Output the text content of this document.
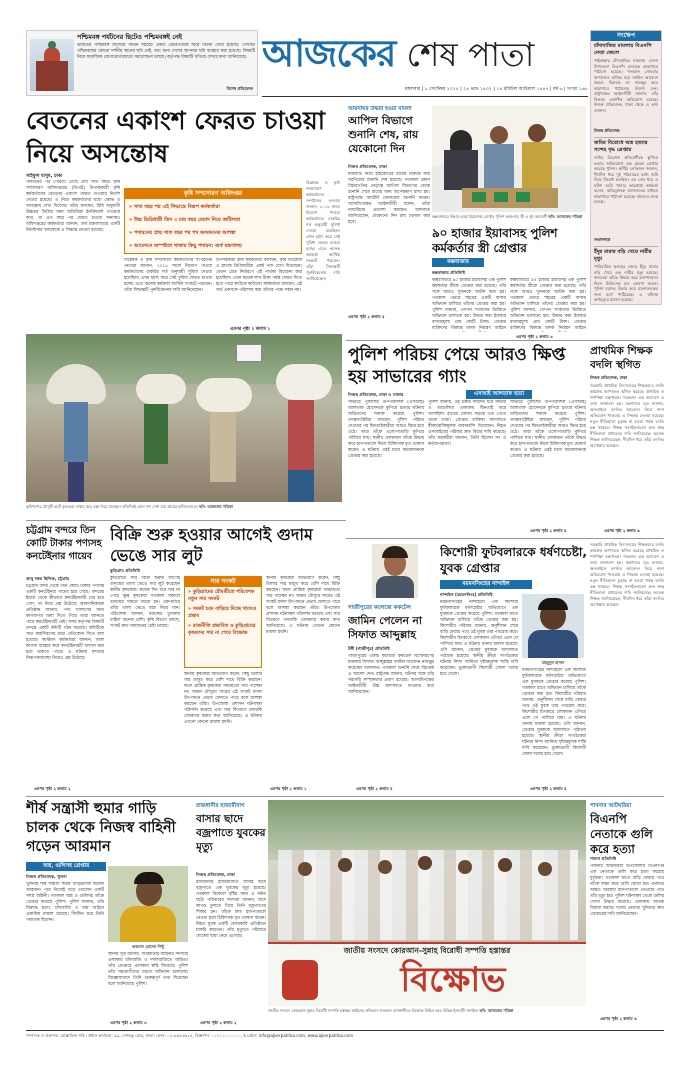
পশ্চিমবঙ্গ পর্যটনের ছিটেও পশ্চিমবঙ্গই নেই
ভারতের পশ্চিমবঙ্গ রাজ্যের পর্যটন শহরের একটি প্রচারপত্রকে ঘিরে বিতর্ক তৈরি হয়েছে। সেখানে পশ্চিমবঙ্গের কোনো দর্শনীয় স্থানের ছবি নেই, বরং অন্য দেশের স্থাপনার ছবি ব্যবহার করা হয়েছে। বিষয়টি নিয়ে সামাজিক যোগাযোগমাধ্যমে সমালোচনা চলছে। কর্তৃপক্ষ বিষয়টি খতিয়ে দেখার কথা জানিয়েছে।
বিশেষ প্রতিবেদন
আজকের শেষ পাতা
মঙ্গলবার | ৮ সেপ্টেম্বর ২০২৫ | ২৪ ভাদ্র ১৪৩২ | ১৪ রবিউল আউয়াল ১৪৪৭ | বর্ষ ৬ | সংখ্যা ১৬৮
সংক্ষেপ
চাঁদাবাজির মামলায় বিএনপি নেতা জেলে
গাইবান্ধার চাঁদাবাজির মামলায় জেলা উপজেলা বিএনপি নেতাকে কারাগারে পাঠানো হয়েছে। গতকাল সোমবার আদালতে হাজির হয়ে জামিন আবেদন করলে বিচারক তা নামঞ্জুর করে কারাগারে পাঠানোর নির্দেশ দেন। রাষ্ট্রপক্ষের আইনজীবী জানান, তাঁর বিরুদ্ধে একাধিক অভিযোগ রয়েছে। নিজস্ব প্রতিবেদক, ঢাকা থেকে এ তথ্য জানান।
নিজস্ব প্রতিবেদক
জমির বিরোধে অস্ত্র হত্যার সন্দেহ বৃদ্ধ গ্রেপ্তার
জমির বিরোধে প্রতিবেশীকে কুপিয়ে হত্যার অভিযোগে এক বৃদ্ধকে গ্রেপ্তার করেছে পুলিশ। স্থানীয় লোকজন জানান, দীর্ঘদিন ধরে দুই পরিবারের মধ্যে জমি নিয়ে বিরোধ চলছিল। এর জের ধরে এ ঘটনা ঘটে। থানার ভারপ্রাপ্ত কর্মকর্তা বলেন, অভিযুক্তকে আদালতের মাধ্যমে কারাগারে পাঠানো হয়েছে। মামলার তদন্ত চলছে।
সংবাদদাতা
ইঁদুর মারার বড়ি খেয়ে নারীর মৃত্যু
পারিবারিক কলহের জেরে ইঁদুর মারার বড়ি খেয়ে এক নারীর মৃত্যু হয়েছে। স্বজনেরা তাঁকে উদ্ধার করে হাসপাতালে নিলে চিকিৎসক মৃত ঘোষণা করেন। পুলিশ মরদেহ উদ্ধার করে ময়নাতদন্তের জন্য মর্গে পাঠিয়েছে। এ ঘটনায় অপমৃত্যুর মামলা হয়েছে।
বেতনের একাংশ ফেরত চাওয়া নিয়ে অসন্তোষ
সাইফুল মাসুম, ঢাকা
পদায়নের পর পেরিয়ে গেছে প্রায় সাত বছর। কৃষি সম্প্রসারণ অধিদপ্তরের (ডিএই) উপসহকারী কৃষি কর্মকর্তাদের বেতনের একাংশ ফেরত দেওয়ার নির্দেশ দেওয়া হয়েছে। এ নিয়ে কর্মকর্তাদের মধ্যে ক্ষোভ ও অসন্তোষ দেখা দিয়েছে। তাঁরা বলছেন, বিধি অনুযায়ী উচ্চতর ডিগ্রির জন্য অতিরিক্ত ইনক্রিমেন্ট পাওয়ার কথা, যা এত বছর পর ফেরত চাওয়া অন্যায্য। অধিদপ্তরের কর্মকর্তারা জানান, অর্থ মন্ত্রণালয়ের একটি নির্দেশনার আলোকে এ সিদ্ধান্ত নেওয়া হয়েছে।
কৃষি সম্প্রসারণ অধিদপ্তর
» সাত বছর পর এই সিদ্ধান্তে বিরূপ কর্মকর্তারা
» উচ্চ ডিগ্রিধারী তিন ৩ চার বছর মেয়াদ নিয়ে জটিলতা
» পদায়নের প্রায় সাত বছর পর পদ অবনমনের আশঙ্কা
» আবেদনে অস্পষ্টতা থাকায় কিছু পদায়ন: অর্থ মন্ত্রণালয়
বিশ্লেষক ও কৃষি সম্প্রসারণ কর্মকর্তাদের সংগঠনের নেতারা জানান, ২০১৮ সালে নিয়োগ পাওয়া কর্মকর্তাদের চাকরির শর্ত অনুযায়ী সুবিধা দেওয়া হয়েছিল। এখন হঠাৎ করে সেই সুবিধা ফেরত চাওয়া হচ্ছে। এতে অনেক কর্মকর্তা আর্থিক সংকটে পড়বেন। তাঁরা সিদ্ধান্তটি পুনর্বিবেচনার দাবি জানিয়েছেন।
উপসহকারী কৃষি কর্মকর্তারা বলছেন, কৃষি ডিপ্লোমা ও স্নাতক ডিগ্রিধারীরা একই পদে যোগ দিয়েছেন। বেতন গ্রেড নির্ধারণে এই পার্থক্য বিবেচনা করা হয়েছিল। এখন কয়েক লাখ টাকা পর্যন্ত ফেরত দিতে হতে পারে কাউকে কাউকে। কর্মকর্তারা বলছেন, এই অর্থ একসঙ্গে পরিশোধ করা তাঁদের পক্ষে সম্ভব নয়।
বিশ্লেষক ও কৃষি সম্প্রসারণ কর্মকর্তাদের সংগঠনের নেতারা জানান, ২০১৮ সালে নিয়োগ পাওয়া কর্মকর্তাদের চাকরির শর্ত অনুযায়ী সুবিধা দেওয়া হয়েছিল। এখন হঠাৎ করে সেই সুবিধা ফেরত চাওয়া হচ্ছে। এতে অনেক কর্মকর্তা আর্থিক সংকটে পড়বেন। তাঁরা সিদ্ধান্তটি পুনর্বিবেচনার দাবি জানিয়েছেন।
এরপর পৃষ্ঠা ২ কলাম ১
কৃষিপণ্যের মৌসুমী হাটে কৃষকেরা মাথায় করে বস্তা নিয়ে যাচ্ছেন। প্রতিদিনই এমন দৃশ্য দেখা যায় গ্রামের হাটগুলোতে। ছবি: আজকের পত্রিকা
আয়নাঘর উদ্ধার হওয়া মামলা
আপিল বিভাগে শুনানি শেষ, রায় যেকোনো দিন
নিজস্ব প্রতিবেদক, ঢাকা
মামলাটি নিয়ে হাইকোর্টের রায়ের বিরুদ্ধে করা আপিলের শুনানি শেষ হয়েছে। গতকাল প্রধান বিচারপতির নেতৃত্বে আপিল বিভাগের বেঞ্চে শুনানি শেষে রায়ের জন্য অপেক্ষমাণ রাখা হয়। রাষ্ট্রপক্ষে অ্যাটর্নি জেনারেল শুনানি করেন। আসামিপক্ষের আইনজীবী বলেন, তাঁরা ন্যায়বিচার প্রত্যাশা করছেন। আদালত জানিয়েছেন, যেকোনো দিন রায় ঘোষণা করা হবে।
এরপর পৃষ্ঠা ২ কলাম ৫
কক্সবাজারে উদ্ধার হওয়া ইয়াবাসহ গ্রেপ্তার পুলিশ কর্মকর্তার স্ত্রী ও দুই সহযোগী ছবি: আজকের পত্রিকা
৯০ হাজার ইয়াবাসহ পুলিশ কর্মকর্তার স্ত্রী গ্রেপ্তার
কক্সবাজার
কক্সবাজার প্রতিনিধি
কক্সবাজারে ৯০ হাজার ইয়াবাসহ এক পুলিশ কর্মকর্তার স্ত্রীকে গ্রেপ্তার করা হয়েছে। তাঁর সঙ্গে আরও দুজনকে আটক করা হয়। গতকাল ভোরে শহরের একটি বাসায় অভিযান চালিয়ে তাঁদের গ্রেপ্তার করা হয়। পুলিশ জানায়, গোপন সংবাদের ভিত্তিতে অভিযান চালানো হয়। উদ্ধার করা ইয়াবার বাজারমূল্য প্রায় কোটি টাকা। গ্রেপ্তার ব্যক্তিদের বিরুদ্ধে মাদক নিয়ন্ত্রণ আইনে
কক্সবাজারে ৯০ হাজার ইয়াবাসহ এক পুলিশ কর্মকর্তার স্ত্রীকে গ্রেপ্তার করা হয়েছে। তাঁর সঙ্গে আরও দুজনকে আটক করা হয়। গতকাল ভোরে শহরের একটি বাসায় অভিযান চালিয়ে তাঁদের গ্রেপ্তার করা হয়। পুলিশ জানায়, গোপন সংবাদের ভিত্তিতে অভিযান চালানো হয়। উদ্ধার করা ইয়াবার বাজারমূল্য প্রায় কোটি টাকা। গ্রেপ্তার ব্যক্তিদের বিরুদ্ধে মাদক নিয়ন্ত্রণ আইনে
এরপর পৃষ্ঠা ২ কলাম ৩
পুলিশ পরিচয় পেয়ে আরও ক্ষিপ্ত হয় সাভারের গ্যাং
নিজস্ব প্রতিবেদক, ঢাকা ও সাভার	এসআই আলতাফ হত্যা
সাভারে পুলিশের উপপরিদর্শক (এসআই) আলতাফ হোসেনকে কুপিয়ে হত্যার ঘটনায় জড়িতদের শনাক্ত করেছে পুলিশ। তদন্তসংশ্লিষ্টরা বলছেন, পুলিশ পরিচয় দেওয়ার পর ছিনতাইকারীরা আরও ক্ষিপ্ত হয়ে ওঠে। তারা তাঁকে এলোপাতাড়ি কুপিয়ে পালিয়ে যায়। স্থানীয় লোকজন তাঁকে উদ্ধার করে হাসপাতালে নিলে চিকিৎসক মৃত ঘোষণা করেন। এ ঘটনায় এরই মধ্যে কয়েকজনকে গ্রেপ্তার করা হয়েছে।
পুলিশ জানায়, ওই চক্রটি দীর্ঘদিন ধরে সাভার ও আশুলিয়া এলাকায় ছিনতাই করে আসছিল। রাতের বেলায় সড়কে ওত পেতে থাকে তারা। গ্রেপ্তার ব্যক্তিরা আদালতে স্বীকারোক্তিমূলক জবানবন্দি দিয়েছেন। নিহত এসআইয়ের পরিবার দ্রুত বিচার দাবি করেছে। তাঁর সহকর্মীরা জানান, তিনি ছিলেন সৎ ও কর্তব্যপরায়ণ।
সাভারে পুলিশের উপপরিদর্শক (এসআই) আলতাফ হোসেনকে কুপিয়ে হত্যার ঘটনায় জড়িতদের শনাক্ত করেছে পুলিশ। তদন্তসংশ্লিষ্টরা বলছেন, পুলিশ পরিচয় দেওয়ার পর ছিনতাইকারীরা আরও ক্ষিপ্ত হয়ে ওঠে। তারা তাঁকে এলোপাতাড়ি কুপিয়ে পালিয়ে যায়। স্থানীয় লোকজন তাঁকে উদ্ধার করে হাসপাতালে নিলে চিকিৎসক মৃত ঘোষণা করেন। এ ঘটনায় এরই মধ্যে কয়েকজনকে গ্রেপ্তার করা হয়েছে।
এরপর পৃষ্ঠা ২ কলাম ৪
প্রাথমিক শিক্ষক বদলি স্থগিত
নিজস্ব প্রতিবেদক, ঢাকা
সরকারি প্রাথমিক বিদ্যালয়ের শিক্ষকদের বদলি কার্যক্রম আপাতত স্থগিত করেছে প্রাথমিক ও গণশিক্ষা মন্ত্রণালয়। গতকাল এক আদেশে এ তথ্য জানানো হয়। মন্ত্রণালয় সূত্র জানায়, অনলাইনে বদলির আবেদন নিয়ে নানা অভিযোগ পাওয়ায় এ সিদ্ধান্ত নেওয়া হয়েছে। নতুন নীতিমালা চূড়ান্ত না হওয়া পর্যন্ত বদলি বন্ধ থাকবে। শিক্ষক সংগঠনগুলো দ্রুত স্বচ্ছ নীতিমালা প্রণয়নের দাবি জানিয়েছে। অনেক শিক্ষক জানিয়েছেন, দীর্ঘদিন ধরে তাঁরা বদলির অপেক্ষায় আছেন।
এরপর পৃষ্ঠা ২ কলাম ৬
চট্টগ্রাম বন্দরে তিন কোটি টাকার পণ্যসহ কনটেইনার গায়েব
আবু বকর ছিদ্দিক, চট্টগ্রাম
চট্টগ্রাম বন্দর থেকে তিন কোটি টাকার পণ্যসহ একটি কনটেইনার গায়েব হয়ে গেছে। বন্দরের ইয়ার্ড থেকে কীভাবে কনটেইনারটি বের হয়ে গেল, তা নিয়ে প্রশ্ন উঠেছে। আমদানিকারক প্রতিষ্ঠান জানায়, পণ্য খালাসের জন্য কাগজপত্র জমা দিতে গিয়ে তারা জানতে পারে কনটেইনারটি নেই। বন্দর কর্তৃপক্ষ বিষয়টি তদন্তে একটি কমিটি গঠন করেছে। কমিটিকে সাত কার্যদিবসের মধ্যে প্রতিবেদন দিতে বলা হয়েছে। কাস্টমস কর্মকর্তারা জানান, জাল কাগজ ব্যবহার করে কনটেইনারটি খালাস করা হয়ে থাকতে পারে। এ ঘটনায় বন্দরের নিরাপত্তাব্যবস্থা নিয়েও প্রশ্ন উঠেছে।
এরপর পৃষ্ঠা ২ কলাম ২
বিক্রি শুরু হওয়ার আগেই গুদাম ভেঙে সার লুট
কুড়িগ্রাম প্রতিনিধি
কুড়িগ্রামে সার বিক্রি শুরুর আগেই গুদামের তালা ভেঙে সার লুট করেছেন স্থানীয় কৃষকেরা। কয়েক দিন ধরে সার না পেয়ে ক্ষুব্ধ কৃষকেরা গতকাল সকালে গুদামের সামনে জড়ো হন। একপর্যায়ে তাঁরা তালা ভেঙে বস্তা নিয়ে যান। পরিবেশক জানান, বরাদ্দের তুলনায় চাহিদা অনেক বেশি। কৃষি বিভাগ বলছে, সংকট দ্রুত সমাধানের চেষ্টা চলছে।
সার সংকট
» কুড়িগ্রামের রৌমারীতে পরিবেশক নতুন সার সংকট
» সংকট চরম বাড়িয়ে দিচ্ছে খাদ্যেও প্রভাব
» রাজনীতি প্রভাবিত ও কুড়িগ্রামের কৃষকদের সার না পেয়ে বিক্ষোভ
স্থানীয় কৃষকেরা অভিযোগ করেন, কিছু ডিলার সার মজুত করে বেশি দামে বিক্রি করছেন। ফলে প্রান্তিক কৃষকেরা সময়মতো সার পাচ্ছেন না। আমন মৌসুমে সারের এই সংকট ফসল উৎপাদনে প্রভাব ফেলতে পারে বলে আশঙ্কা করছেন তাঁরা। উপজেলা প্রশাসন ঘটনাস্থল পরিদর্শন করেছে এবং সার বিতরণে তদারকি জোরদার করার কথা জানিয়েছে। এ ঘটনায় এখনো কোনো মামলা হয়নি।
স্থানীয় কৃষকেরা অভিযোগ করেন, কিছু ডিলার সার মজুত করে বেশি দামে বিক্রি করছেন। ফলে প্রান্তিক কৃষকেরা সময়মতো সার পাচ্ছেন না। আমন মৌসুমে সারের এই সংকট ফসল উৎপাদনে প্রভাব ফেলতে পারে বলে আশঙ্কা করছেন তাঁরা। উপজেলা প্রশাসন ঘটনাস্থল পরিদর্শন করেছে এবং সার বিতরণে তদারকি জোরদার করার কথা জানিয়েছে। এ ঘটনায় এখনো কোনো মামলা হয়নি।
এরপর পৃষ্ঠা ২ কলাম ১
গাজীপুরের কলেজে ককটেল
জামিন পেলেন না সিফাত আব্দুল্লাহ
টঙ্গী (গাজীপুর) প্রতিনিধি
গাজীপুরের একটি কলেজে ককটেল বিস্ফোরণের মামলায় সিফাত আব্দুল্লাহর জামিন আবেদন নামঞ্জুর করেছেন আদালত। গতকাল শুনানি শেষে বিচারক এ আদেশ দেন। রাষ্ট্রপক্ষ জানায়, ঘটনার সঙ্গে তাঁর সরাসরি সম্পৃক্ততার প্রমাণ রয়েছে। আসামিপক্ষের আইনজীবী উচ্চ আদালতে যাওয়ার কথা জানিয়েছেন।
এরপর পৃষ্ঠা ২ কলাম ৪
কিশোরী ফুটবলারকে ধর্ষণচেষ্টা, যুবক গ্রেপ্তার
ময়মনসিংহের নান্দাইল
নান্দাইল (ময়মনসিংহ) প্রতিনিধি
মাহমুদুল হাসান
ময়মনসিংহের নান্দাইলে এক কিশোরী ফুটবলারকে ধর্ষণচেষ্টার অভিযোগে এক যুবককে গ্রেপ্তার করেছে পুলিশ। গতকাল রাতে অভিযান চালিয়ে তাঁকে গ্রেপ্তার করা হয়। কিশোরীর পরিবার জানায়, অনুশীলন শেষে বাড়ি ফেরার পথে ওই যুবক তার পথরোধ করে। কিশোরীর চিৎকারে লোকজন এগিয়ে এলে সে পালিয়ে যায়। এ ঘটনায় থানায় মামলা হয়েছে। ওসি জানান, গ্রেপ্তার যুবককে আদালতে পাঠানো হয়েছে। স্থানীয় ক্রীড়া সংগঠকেরা ঘটনার নিন্দা জানিয়ে দৃষ্টান্তমূলক শাস্তি দাবি করেছেন। ভুক্তভোগী কিশোরী জেলা দলের হয়ে খেলে।
ময়মনসিংহের নান্দাইলে এক কিশোরী ফুটবলারকে ধর্ষণচেষ্টার অভিযোগে এক যুবককে গ্রেপ্তার করেছে পুলিশ। গতকাল রাতে অভিযান চালিয়ে তাঁকে গ্রেপ্তার করা হয়। কিশোরীর পরিবার জানায়, অনুশীলন শেষে বাড়ি ফেরার পথে ওই যুবক তার পথরোধ করে। কিশোরীর চিৎকারে লোকজন এগিয়ে এলে সে পালিয়ে যায়। এ ঘটনায় থানায় মামলা হয়েছে। ওসি জানান, গ্রেপ্তার যুবককে আদালতে পাঠানো হয়েছে। স্থানীয় ক্রীড়া সংগঠকেরা ঘটনার নিন্দা জানিয়ে দৃষ্টান্তমূলক শাস্তি দাবি করেছেন। ভুক্তভোগী কিশোরী জেলা দলের হয়ে খেলে।
এরপর পৃষ্ঠা ২ কলাম ৫
সরকারি প্রাথমিক বিদ্যালয়ের শিক্ষকদের বদলি কার্যক্রম আপাতত স্থগিত করেছে প্রাথমিক ও গণশিক্ষা মন্ত্রণালয়। গতকাল এক আদেশে এ তথ্য জানানো হয়। মন্ত্রণালয় সূত্র জানায়, অনলাইনে বদলির আবেদন নিয়ে নানা অভিযোগ পাওয়ায় এ সিদ্ধান্ত নেওয়া হয়েছে। নতুন নীতিমালা চূড়ান্ত না হওয়া পর্যন্ত বদলি বন্ধ থাকবে। শিক্ষক সংগঠনগুলো দ্রুত স্বচ্ছ নীতিমালা প্রণয়নের দাবি জানিয়েছে। অনেক শিক্ষক জানিয়েছেন, দীর্ঘদিন ধরে তাঁরা বদলির অপেক্ষায় আছেন।
শীর্ষ সন্ত্রাসী হুমার গাড়ি চালক থেকে নিজস্ব বাহিনী গড়েন আরমান
অস্ত্র, গুলিসহ গ্রেপ্তার
নিজস্ব প্রতিবেদক, খুলনা
খুলনার শীর্ষ সন্ত্রাসী হুমার গাড়িচালক ছিলেন আরমান। পরে নিজেই গড়ে তোলেন একটি সশস্ত্র বাহিনী। গতকাল অস্ত্র ও গুলিসহ তাঁকে গ্রেপ্তার করেছে পুলিশ। পুলিশ জানায়, তাঁর বিরুদ্ধে হত্যা, চাঁদাবাজি ও অস্ত্র আইনে একাধিক মামলা রয়েছে। দীর্ঘদিন ধরে তিনি পলাতক ছিলেন।
আরমান হোসেন পিন্টু
স্থানীয় সূত্র জানায়, আরমানের বাহিনীর সদস্যরা এলাকায় চাঁদাবাজি ও দখলবাজিতে জড়িত। তাঁর গ্রেপ্তারে এলাকায় স্বস্তি ফিরেছে। পুলিশ তাঁর সহযোগীদের ধরতে অভিযান চালাচ্ছে। জিজ্ঞাসাবাদে তিনি গুরুত্বপূর্ণ তথ্য দিয়েছেন বলে জানিয়েছে পুলিশ।
এরপর পৃষ্ঠা ২ কলাম ৩
রাজধানীর হাজারীবাগ
বাসার ছাদে বজ্রপাতে যুবকের মৃত্যু
নিজস্ব প্রতিবেদক, ঢাকা
রাজধানীর হাজারীবাগে বাসার ছাদে বজ্রপাতে এক যুবকের মৃত্যু হয়েছে। গতকাল বিকেলে বৃষ্টির সময় এ ঘটনা ঘটে। পরিবারের সদস্যরা জানান, ছাদে কাপড় তুলতে গিয়ে তিনি বজ্রপাতের শিকার হন। তাঁকে দ্রুত হাসপাতালে নেওয়া হলে চিকিৎসক মৃত ঘোষণা করেন। নিহত যুবক একটি বেসরকারি প্রতিষ্ঠানে চাকরি করতেন। তাঁর মৃত্যুতে পরিবারে শোকের ছায়া নেমে এসেছে।
এরপর পৃষ্ঠা ২ কলাম ২
জাতীয় সংসদে কোরআন-সুন্নাহ বিরোধী সম্পত্তি হস্তান্তর
বিক্ষোভ
জাতীয় সংসদে কোরআন-সুন্নাহ বিরোধী সম্পত্তি হস্তান্তর আইনের প্রতিবাদে গতকাল রাজধানীতে বিক্ষোভ মিছিল করে বিভিন্ন ইসলামী সংগঠন। ছবি: আজকের পত্রিকা
পাবনার আটঘরিয়া
বিএনপি নেতাকে গুলি করে হত্যা
পাবনা প্রতিনিধি
পাবনার আটঘরিয়া উপজেলায় বিএনপির এক নেতাকে গুলি করে হত্যা করেছে দুর্বৃত্তরা। গতকাল রাতে বাড়ি ফেরার পথে তাঁকে লক্ষ্য করে গুলি ছোড়া হয়। গুরুতর আহত অবস্থায় হাসপাতালে নেওয়ার পথে তাঁর মৃত্যু হয়। পুলিশ ঘটনাস্থল থেকে গুলির খোসা উদ্ধার করেছে। এলাকায় আতঙ্ক বিরাজ করছে। দলের নেতারা খুনিদের দ্রুত গ্রেপ্তারের দাবি জানিয়েছেন।
এরপর পৃষ্ঠা ২ কলাম ৬
সম্পাদক ও প্রকাশক: মোস্তাফিজ শফি। প্রধান কার্যালয়: ৯৯, দেশবন্ধু রোড, ঢাকা। ফোন: ০২-৯৫৫৩৬২৪, বিজ্ঞাপন: ০১৭১১০০০০০০, ই-মেইল: info@ajkerpatrika.com, www.ajkerpatrika.com
